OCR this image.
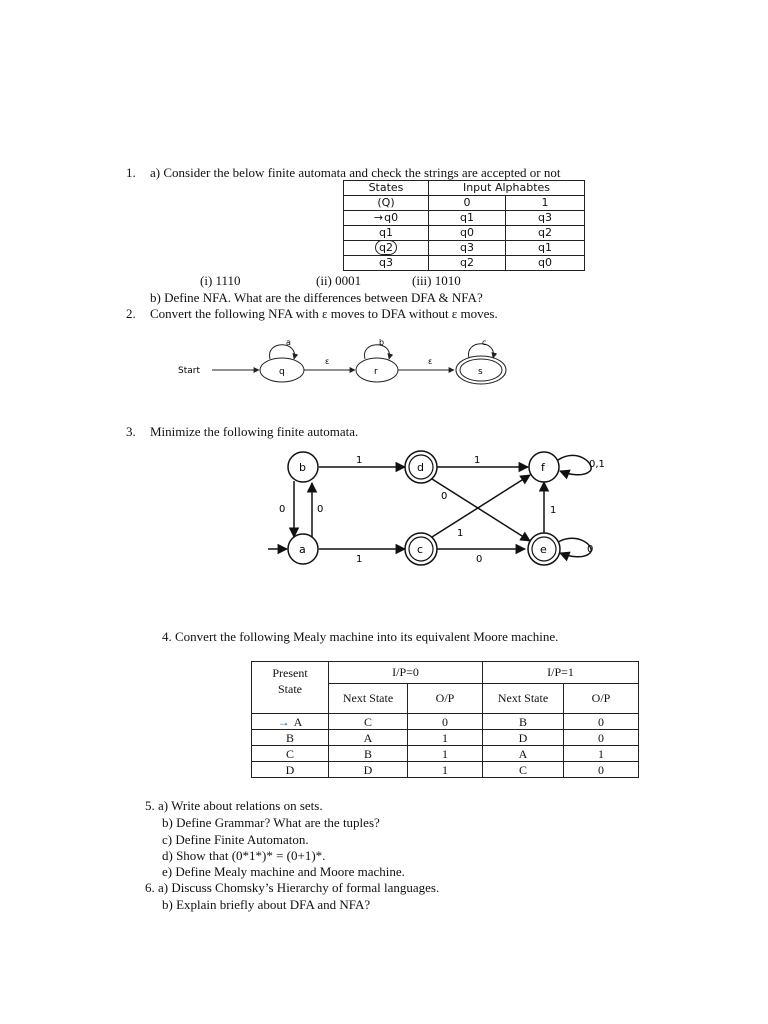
1. a) Consider the below finite automata and check the strings are accepted or not
States	Input Alphabtes	
(Q)	0	1
→q0	q1	q3
q1	q0	q2
q2	q3	q1
q3	q2	q0
(i) 1110	(ii) 0001	(iii) 1010
b) Define NFA. What are the differences between DFA & NFA?
2. Convert the following NFA with ε moves to DFA without ε moves.
Start	q
a
ε
r
b
ε
s
c
3. Minimize the following finite automata.
b
a
d
c
f
e
1	1	0,1
0	0
0
1
1
1	0
0
4. Convert the following Mealy machine into its equivalent Moore machine.
Present State	I/P=0		I/P=1	
	Next State	O/P	Next State	O/P
→ A	C	0	B	0
B	A	1	D	0
C	B	1	A	1
D	D	1	C	0
5. a) Write about relations on sets.
b) Define Grammar? What are the tuples?
c) Define Finite Automaton.
d) Show that (0*1*)* = (0+1)*.
e) Define Mealy machine and Moore machine.
6. a) Discuss Chomsky’s Hierarchy of formal languages.
b) Explain briefly about DFA and NFA?
